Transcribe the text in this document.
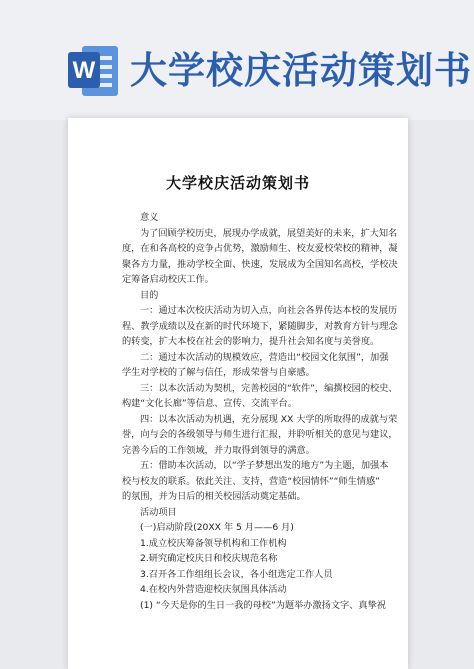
W 大学校庆活动策划书
大学校庆活动策划书
意义
为了回顾学校历史，展现办学成就，展望美好的未来，扩大知名
度，在和各高校的竞争占优势，激励师生、校友爱校荣校的精神，凝
聚各方力量，推动学校全面、快速，发展成为全国知名高校，学校决
定筹备启动校庆工作。
目的
一：通过本次校庆活动为切入点，向社会各界传达本校的发展历
程、教学成绩以及在新的时代环境下，紧随脚步，对教育方针与理念
的转变，扩大本校在社会的影响力，提升社会知名度与美誉度。
二：通过本次活动的规模效应，营造出“校园文化氛围”，加强
学生对学校的了解与信任，形成荣誉与自豪感。
三：以本次活动为契机，完善校园的“软件”，编撰校园的校史、
构建“文化长廊”等信息、宣传、交流平台。
四：以本次活动为机遇，充分展现 XX 大学的所取得的成就与荣
誉，向与会的各级领导与师生进行汇报，并聆听相关的意见与建议，
完善今后的工作领域，并力取得到领导的满意。
五：借助本次活动，以“学子梦想出发的地方”为主题，加强本
校与校友的联系。依此关注、支持，营造“校园情怀”“师生情感”
的氛围，并为日后的相关校园活动奠定基础。
活动项目
(一)启动阶段(20XX 年 5 月——6 月)
1.成立校庆筹备领导机构和工作机构
2.研究确定校庆日和校庆规范名称
3.召开各工作组组长会议，各小组选定工作人员
4.在校内外营造迎校庆氛围具体活动
(1) “今天是你的生日一我的母校”为题举办激扬文字、真挚祝
